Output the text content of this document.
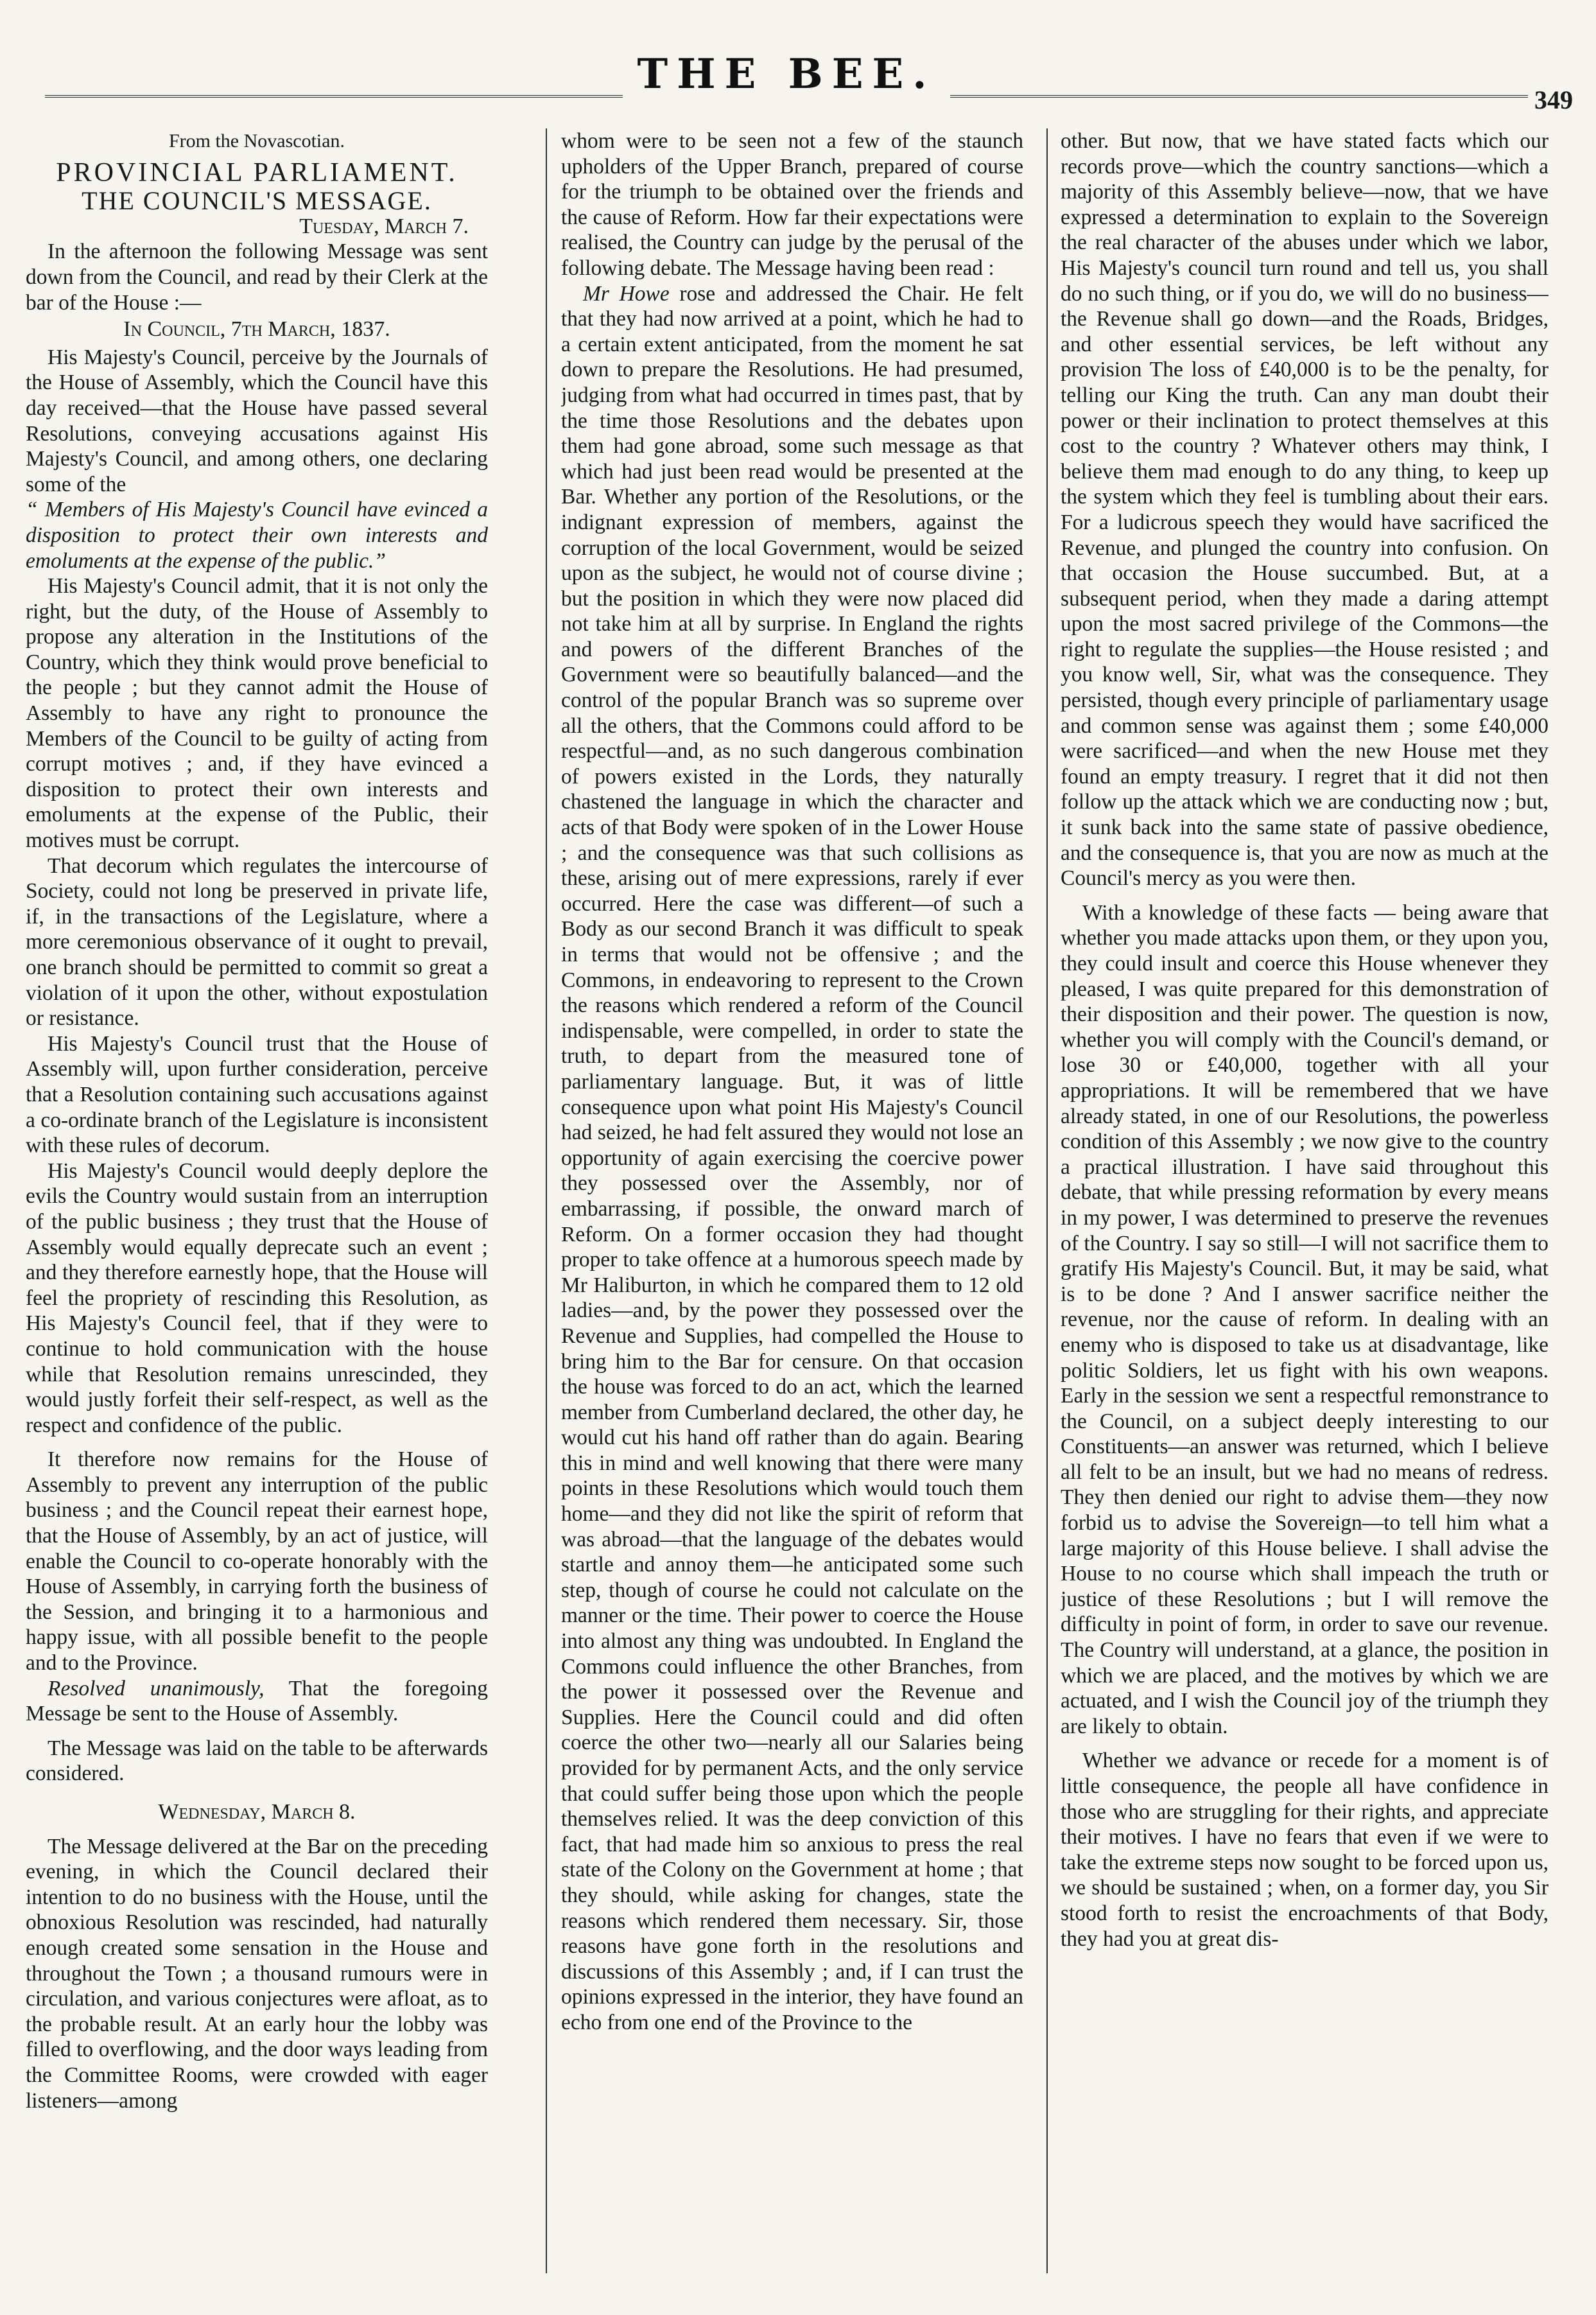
THE BEE.
349
From the Novascotian.
PROVINCIAL PARLIAMENT.
THE COUNCIL'S MESSAGE.
Tuesday, March 7.

In the afternoon the following Message was sent down from the Council, and read by their Clerk at the bar of the House :—

In Council, 7th March, 1837.

His Majesty's Council, perceive by the Journals of the House of Assembly, which the Council have this day received—that the House have passed several Resolutions, conveying accusations against His Majesty's Council, and among others, one declaring some of the

“ Members of His Majesty's Council have evinced a disposition to protect their own interests and emoluments at the expense of the public.”

His Majesty's Council admit, that it is not only the right, but the duty, of the House of Assembly to propose any alteration in the Institutions of the Country, which they think would prove beneficial to the people ; but they cannot admit the House of Assembly to have any right to pronounce the Members of the Council to be guilty of acting from corrupt motives ; and, if they have evinced a disposition to protect their own interests and emoluments at the expense of the Public, their motives must be corrupt.

That decorum which regulates the intercourse of Society, could not long be preserved in private life, if, in the transactions of the Legislature, where a more ceremonious observance of it ought to prevail, one branch should be permitted to commit so great a violation of it upon the other, without expostulation or resistance.

His Majesty's Council trust that the House of Assembly will, upon further consideration, perceive that a Resolution containing such accusations against a co-ordinate branch of the Legislature is inconsistent with these rules of decorum.

His Majesty's Council would deeply deplore the evils the Country would sustain from an interruption of the public business ; they trust that the House of Assembly would equally deprecate such an event ; and they therefore earnestly hope, that the House will feel the propriety of rescinding this Resolution, as His Majesty's Council feel, that if they were to continue to hold communication with the house while that Resolution remains unrescinded, they would justly forfeit their self-respect, as well as the respect and confidence of the public.

It therefore now remains for the House of Assembly to prevent any interruption of the public business ; and the Council repeat their earnest hope, that the House of Assembly, by an act of justice, will enable the Council to co-operate honorably with the House of Assembly, in carrying forth the business of the Session, and bringing it to a harmonious and happy issue, with all possible benefit to the people and to the Province.

Resolved unanimously, That the foregoing Message be sent to the House of Assembly.

The Message was laid on the table to be afterwards considered.

Wednesday, March 8.

The Message delivered at the Bar on the preceding evening, in which the Council declared their intention to do no business with the House, until the obnoxious Resolution was rescinded, had naturally enough created some sensation in the House and throughout the Town ; a thousand rumours were in circulation, and various conjectures were afloat, as to the probable result. At an early hour the lobby was filled to overflowing, and the door ways leading from the Committee Rooms, were crowded with eager listeners—among

whom were to be seen not a few of the staunch upholders of the Upper Branch, prepared of course for the triumph to be obtained over the friends and the cause of Reform. How far their expectations were realised, the Country can judge by the perusal of the following debate. The Message having been read :

Mr Howe rose and addressed the Chair. He felt that they had now arrived at a point, which he had to a certain extent anticipated, from the moment he sat down to prepare the Resolutions. He had presumed, judging from what had occurred in times past, that by the time those Resolutions and the debates upon them had gone abroad, some such message as that which had just been read would be presented at the Bar. Whether any portion of the Resolutions, or the indignant expression of members, against the corruption of the local Government, would be seized upon as the subject, he would not of course divine ; but the position in which they were now placed did not take him at all by surprise. In England the rights and powers of the different Branches of the Government were so beautifully balanced—and the control of the popular Branch was so supreme over all the others, that the Commons could afford to be respectful—and, as no such dangerous combination of powers existed in the Lords, they naturally chastened the language in which the character and acts of that Body were spoken of in the Lower House ; and the consequence was that such collisions as these, arising out of mere expressions, rarely if ever occurred. Here the case was different—of such a Body as our second Branch it was difficult to speak in terms that would not be offensive ; and the Commons, in endeavoring to represent to the Crown the reasons which rendered a reform of the Council indispensable, were compelled, in order to state the truth, to depart from the measured tone of parliamentary language. But, it was of little consequence upon what point His Majesty's Council had seized, he had felt assured they would not lose an opportunity of again exercising the coercive power they possessed over the Assembly, nor of embarrassing, if possible, the onward march of Reform. On a former occasion they had thought proper to take offence at a humorous speech made by Mr Haliburton, in which he compared them to 12 old ladies—and, by the power they possessed over the Revenue and Supplies, had compelled the House to bring him to the Bar for censure. On that occasion the house was forced to do an act, which the learned member from Cumberland declared, the other day, he would cut his hand off rather than do again. Bearing this in mind and well knowing that there were many points in these Resolutions which would touch them home—and they did not like the spirit of reform that was abroad—that the language of the debates would startle and annoy them—he anticipated some such step, though of course he could not calculate on the manner or the time. Their power to coerce the House into almost any thing was undoubted. In England the Commons could influence the other Branches, from the power it possessed over the Revenue and Supplies. Here the Council could and did often coerce the other two—nearly all our Salaries being provided for by permanent Acts, and the only service that could suffer being those upon which the people themselves relied. It was the deep conviction of this fact, that had made him so anxious to press the real state of the Colony on the Government at home ; that they should, while asking for changes, state the reasons which rendered them necessary. Sir, those reasons have gone forth in the resolutions and discussions of this Assembly ; and, if I can trust the opinions expressed in the interior, they have found an echo from one end of the Province to the

other. But now, that we have stated facts which our records prove—which the country sanctions—which a majority of this Assembly believe—now, that we have expressed a determination to explain to the Sovereign the real character of the abuses under which we labor, His Majesty's council turn round and tell us, you shall do no such thing, or if you do, we will do no business—the Revenue shall go down—and the Roads, Bridges, and other essential services, be left without any provision The loss of £40,000 is to be the penalty, for telling our King the truth. Can any man doubt their power or their inclination to protect themselves at this cost to the country ? Whatever others may think, I believe them mad enough to do any thing, to keep up the system which they feel is tumbling about their ears. For a ludicrous speech they would have sacrificed the Revenue, and plunged the country into confusion. On that occasion the House succumbed. But, at a subsequent period, when they made a daring attempt upon the most sacred privilege of the Commons—the right to regulate the supplies—the House resisted ; and you know well, Sir, what was the consequence. They persisted, though every principle of parliamentary usage and common sense was against them ; some £40,000 were sacrificed—and when the new House met they found an empty treasury. I regret that it did not then follow up the attack which we are conducting now ; but, it sunk back into the same state of passive obedience, and the consequence is, that you are now as much at the Council's mercy as you were then.

With a knowledge of these facts — being aware that whether you made attacks upon them, or they upon you, they could insult and coerce this House whenever they pleased, I was quite prepared for this demonstration of their disposition and their power. The question is now, whether you will comply with the Council's demand, or lose 30 or £40,000, together with all your appropriations. It will be remembered that we have already stated, in one of our Resolutions, the powerless condition of this Assembly ; we now give to the country a practical illustration. I have said throughout this debate, that while pressing reformation by every means in my power, I was determined to preserve the revenues of the Country. I say so still—I will not sacrifice them to gratify His Majesty's Council. But, it may be said, what is to be done ? And I answer sacrifice neither the revenue, nor the cause of reform. In dealing with an enemy who is disposed to take us at disadvantage, like politic Soldiers, let us fight with his own weapons. Early in the session we sent a respectful remonstrance to the Council, on a subject deeply interesting to our Constituents—an answer was returned, which I believe all felt to be an insult, but we had no means of redress. They then denied our right to advise them—they now forbid us to advise the Sovereign—to tell him what a large majority of this House believe. I shall advise the House to no course which shall impeach the truth or justice of these Resolutions ; but I will remove the difficulty in point of form, in order to save our revenue. The Country will understand, at a glance, the position in which we are placed, and the motives by which we are actuated, and I wish the Council joy of the triumph they are likely to obtain.

Whether we advance or recede for a moment is of little consequence, the people all have confidence in those who are struggling for their rights, and appreciate their motives. I have no fears that even if we were to take the extreme steps now sought to be forced upon us, we should be sustained ; when, on a former day, you Sir stood forth to resist the encroachments of that Body, they had you at great dis-
